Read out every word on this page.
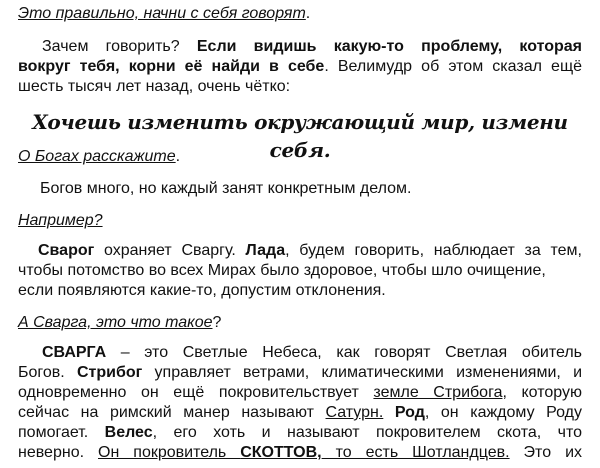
Это правильно, начни с себя говорят.
Зачем говорить? Если видишь какую-то проблему, которая
вокруг тебя, корни её найди в себе. Велимудр об этом сказал ещё
шесть тысяч лет назад, очень чётко:
Хочешь изменить окружающий мир, измени себя.
О Богах расскажите.
Богов много, но каждый занят конкретным делом.
Например?
Сварог охраняет Сваргу. Лада, будем говорить, наблюдает за тем,
чтобы потомство во всех Мирах было здоровое, чтобы шло очищение,
если появляются какие-то, допустим отклонения.
А Сварга, это что такое?
СВАРГА – это Светлые Небеса, как говорят Светлая обитель
Богов. Стрибог управляет ветрами, климатическими изменениями, и
одновременно он ещё покровительствует земле Стрибога, которую
сейчас на римский манер называют Сатурн. Род, он каждому Роду
помогает. Велес, его хоть и называют покровителем скота, что
неверно. Он покровитель СКОТТОВ, то есть Шотландцев. Это их
